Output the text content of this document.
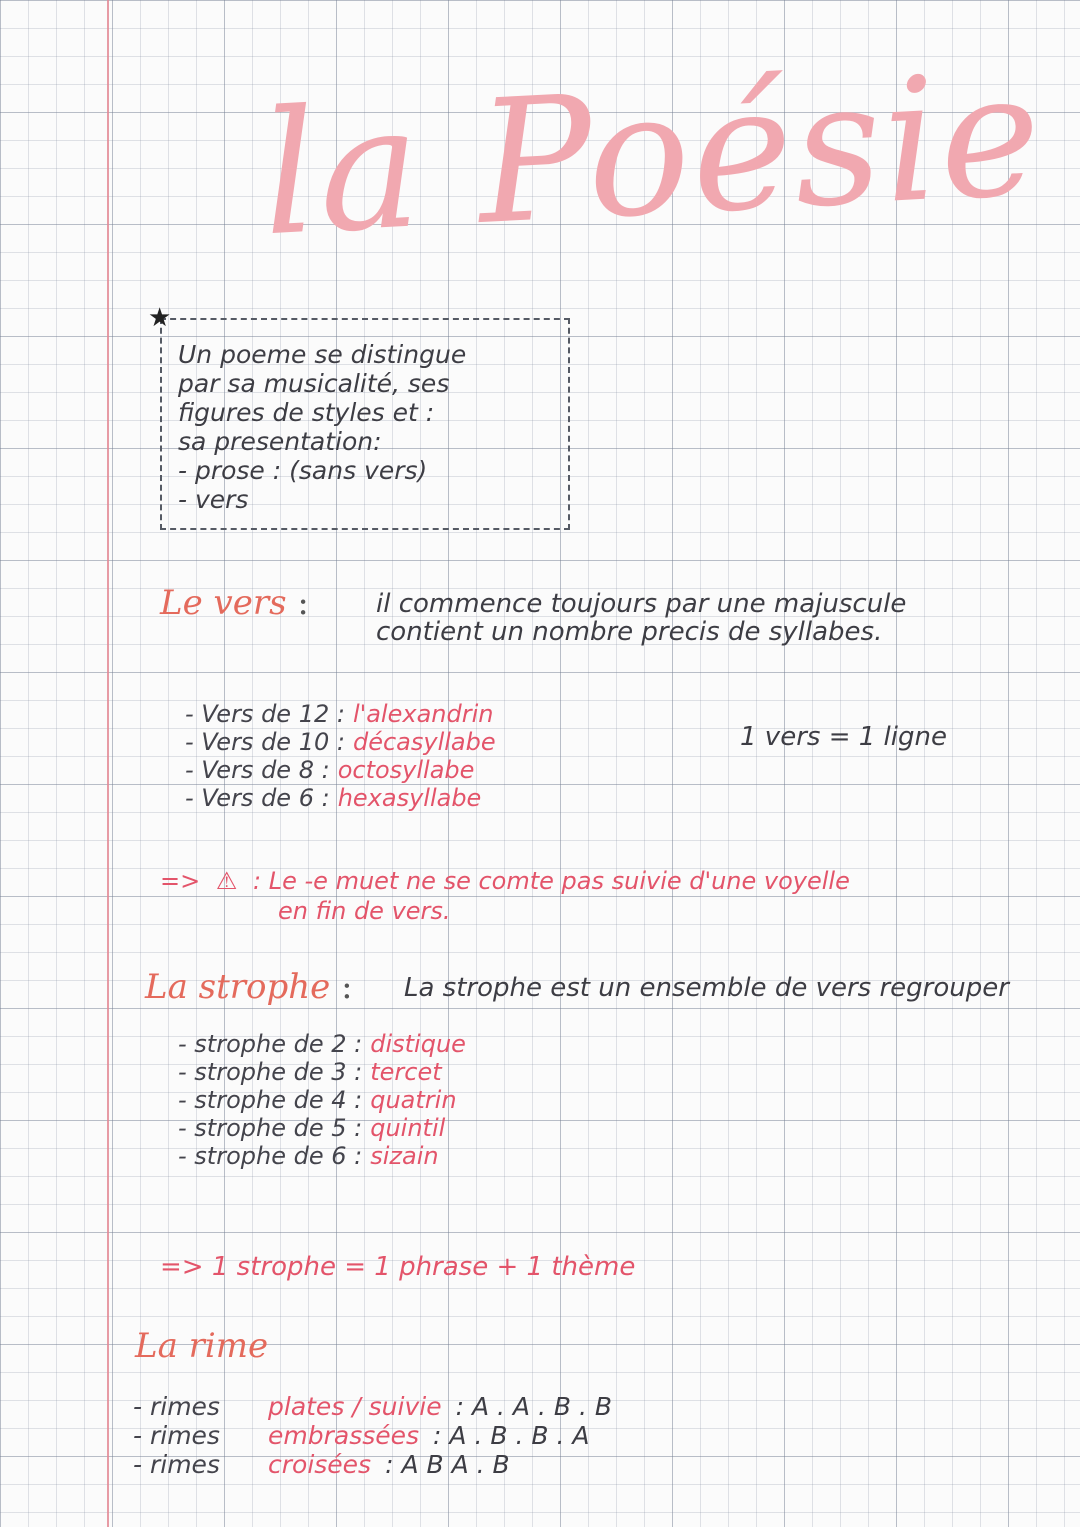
la Poésie
★
Un poeme se distingue
par sa musicalité, ses
figures de styles et :
sa presentation:
- prose : (sans vers)
- vers
Le vers :	il commence toujours par une majuscule
contient un nombre precis de syllabes.
- Vers de 12 : l'alexandrin
- Vers de 10 : décasyllabe
- Vers de 8 : octosyllabe
- Vers de 6 : hexasyllabe
1 vers = 1 ligne
=> ⚠ : Le -e muet ne se comte pas suivie d'une voyelle
en fin de vers.
La strophe : La strophe est un ensemble de vers regrouper
- strophe de 2 : distique
- strophe de 3 : tercet
- strophe de 4 : quatrin
- strophe de 5 : quintil
- strophe de 6 : sizain
=> 1 strophe = 1 phrase + 1 thème
La rime
- rimes	plates / suivie : A . A . B . B
- rimes	embrassées : A . B . B . A
- rimes	croisées : A B A . B
